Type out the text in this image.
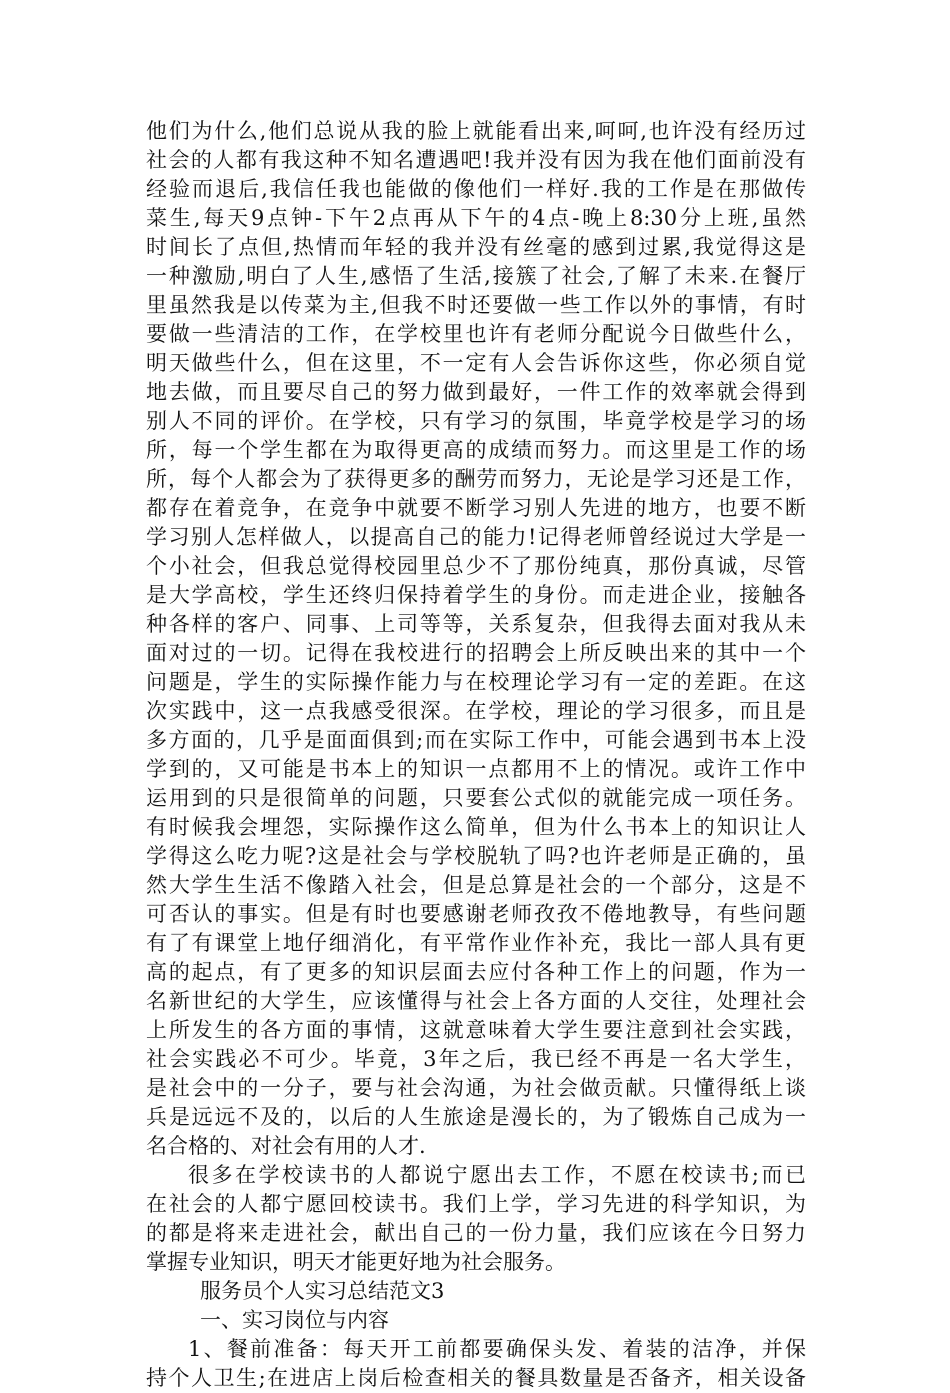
他们为什么,他们总说从我的脸上就能看出来,呵呵,也许没有经历过
社会的人都有我这种不知名遭遇吧!我并没有因为我在他们面前没有
经验而退后,我信任我也能做的像他们一样好.我的工作是在那做传
菜生,每天9点钟-下午2点再从下午的4点-晚上8:30分上班,虽然
时间长了点但,热情而年轻的我并没有丝毫的感到过累,我觉得这是
一种激励,明白了人生,感悟了生活,接簇了社会,了解了未来.在餐厅
里虽然我是以传菜为主,但我不时还要做一些工作以外的事情，有时
要做一些清洁的工作，在学校里也许有老师分配说今日做些什么，
明天做些什么，但在这里，不一定有人会告诉你这些，你必须自觉
地去做，而且要尽自己的努力做到最好，一件工作的效率就会得到
别人不同的评价。在学校，只有学习的氛围，毕竟学校是学习的场
所，每一个学生都在为取得更高的成绩而努力。而这里是工作的场
所，每个人都会为了获得更多的酬劳而努力，无论是学习还是工作，
都存在着竞争，在竞争中就要不断学习别人先进的地方，也要不断
学习别人怎样做人，以提高自己的能力!记得老师曾经说过大学是一
个小社会，但我总觉得校园里总少不了那份纯真，那份真诚，尽管
是大学高校，学生还终归保持着学生的身份。而走进企业，接触各
种各样的客户、同事、上司等等，关系复杂，但我得去面对我从未
面对过的一切。记得在我校进行的招聘会上所反映出来的其中一个
问题是，学生的实际操作能力与在校理论学习有一定的差距。在这
次实践中，这一点我感受很深。在学校，理论的学习很多，而且是
多方面的，几乎是面面俱到;而在实际工作中，可能会遇到书本上没
学到的，又可能是书本上的知识一点都用不上的情况。或许工作中
运用到的只是很简单的问题，只要套公式似的就能完成一项任务。
有时候我会埋怨，实际操作这么简单，但为什么书本上的知识让人
学得这么吃力呢?这是社会与学校脱轨了吗?也许老师是正确的，虽
然大学生生活不像踏入社会，但是总算是社会的一个部分，这是不
可否认的事实。但是有时也要感谢老师孜孜不倦地教导，有些问题
有了有课堂上地仔细消化，有平常作业作补充，我比一部人具有更
高的起点，有了更多的知识层面去应付各种工作上的问题，作为一
名新世纪的大学生，应该懂得与社会上各方面的人交往，处理社会
上所发生的各方面的事情，这就意味着大学生要注意到社会实践，
社会实践必不可少。毕竟，3年之后，我已经不再是一名大学生，
是社会中的一分子，要与社会沟通，为社会做贡献。只懂得纸上谈
兵是远远不及的，以后的人生旅途是漫长的，为了锻炼自己成为一
名合格的、对社会有用的人才.
很多在学校读书的人都说宁愿出去工作，不愿在校读书;而已
在社会的人都宁愿回校读书。我们上学，学习先进的科学知识，为
的都是将来走进社会，献出自己的一份力量，我们应该在今日努力
掌握专业知识，明天才能更好地为社会服务。
服务员个人实习总结范文3
一、实习岗位与内容
1、餐前准备：每天开工前都要确保头发、着装的洁净，并保
持个人卫生;在进店上岗后检查相关的餐具数量是否备齐，相关设备
